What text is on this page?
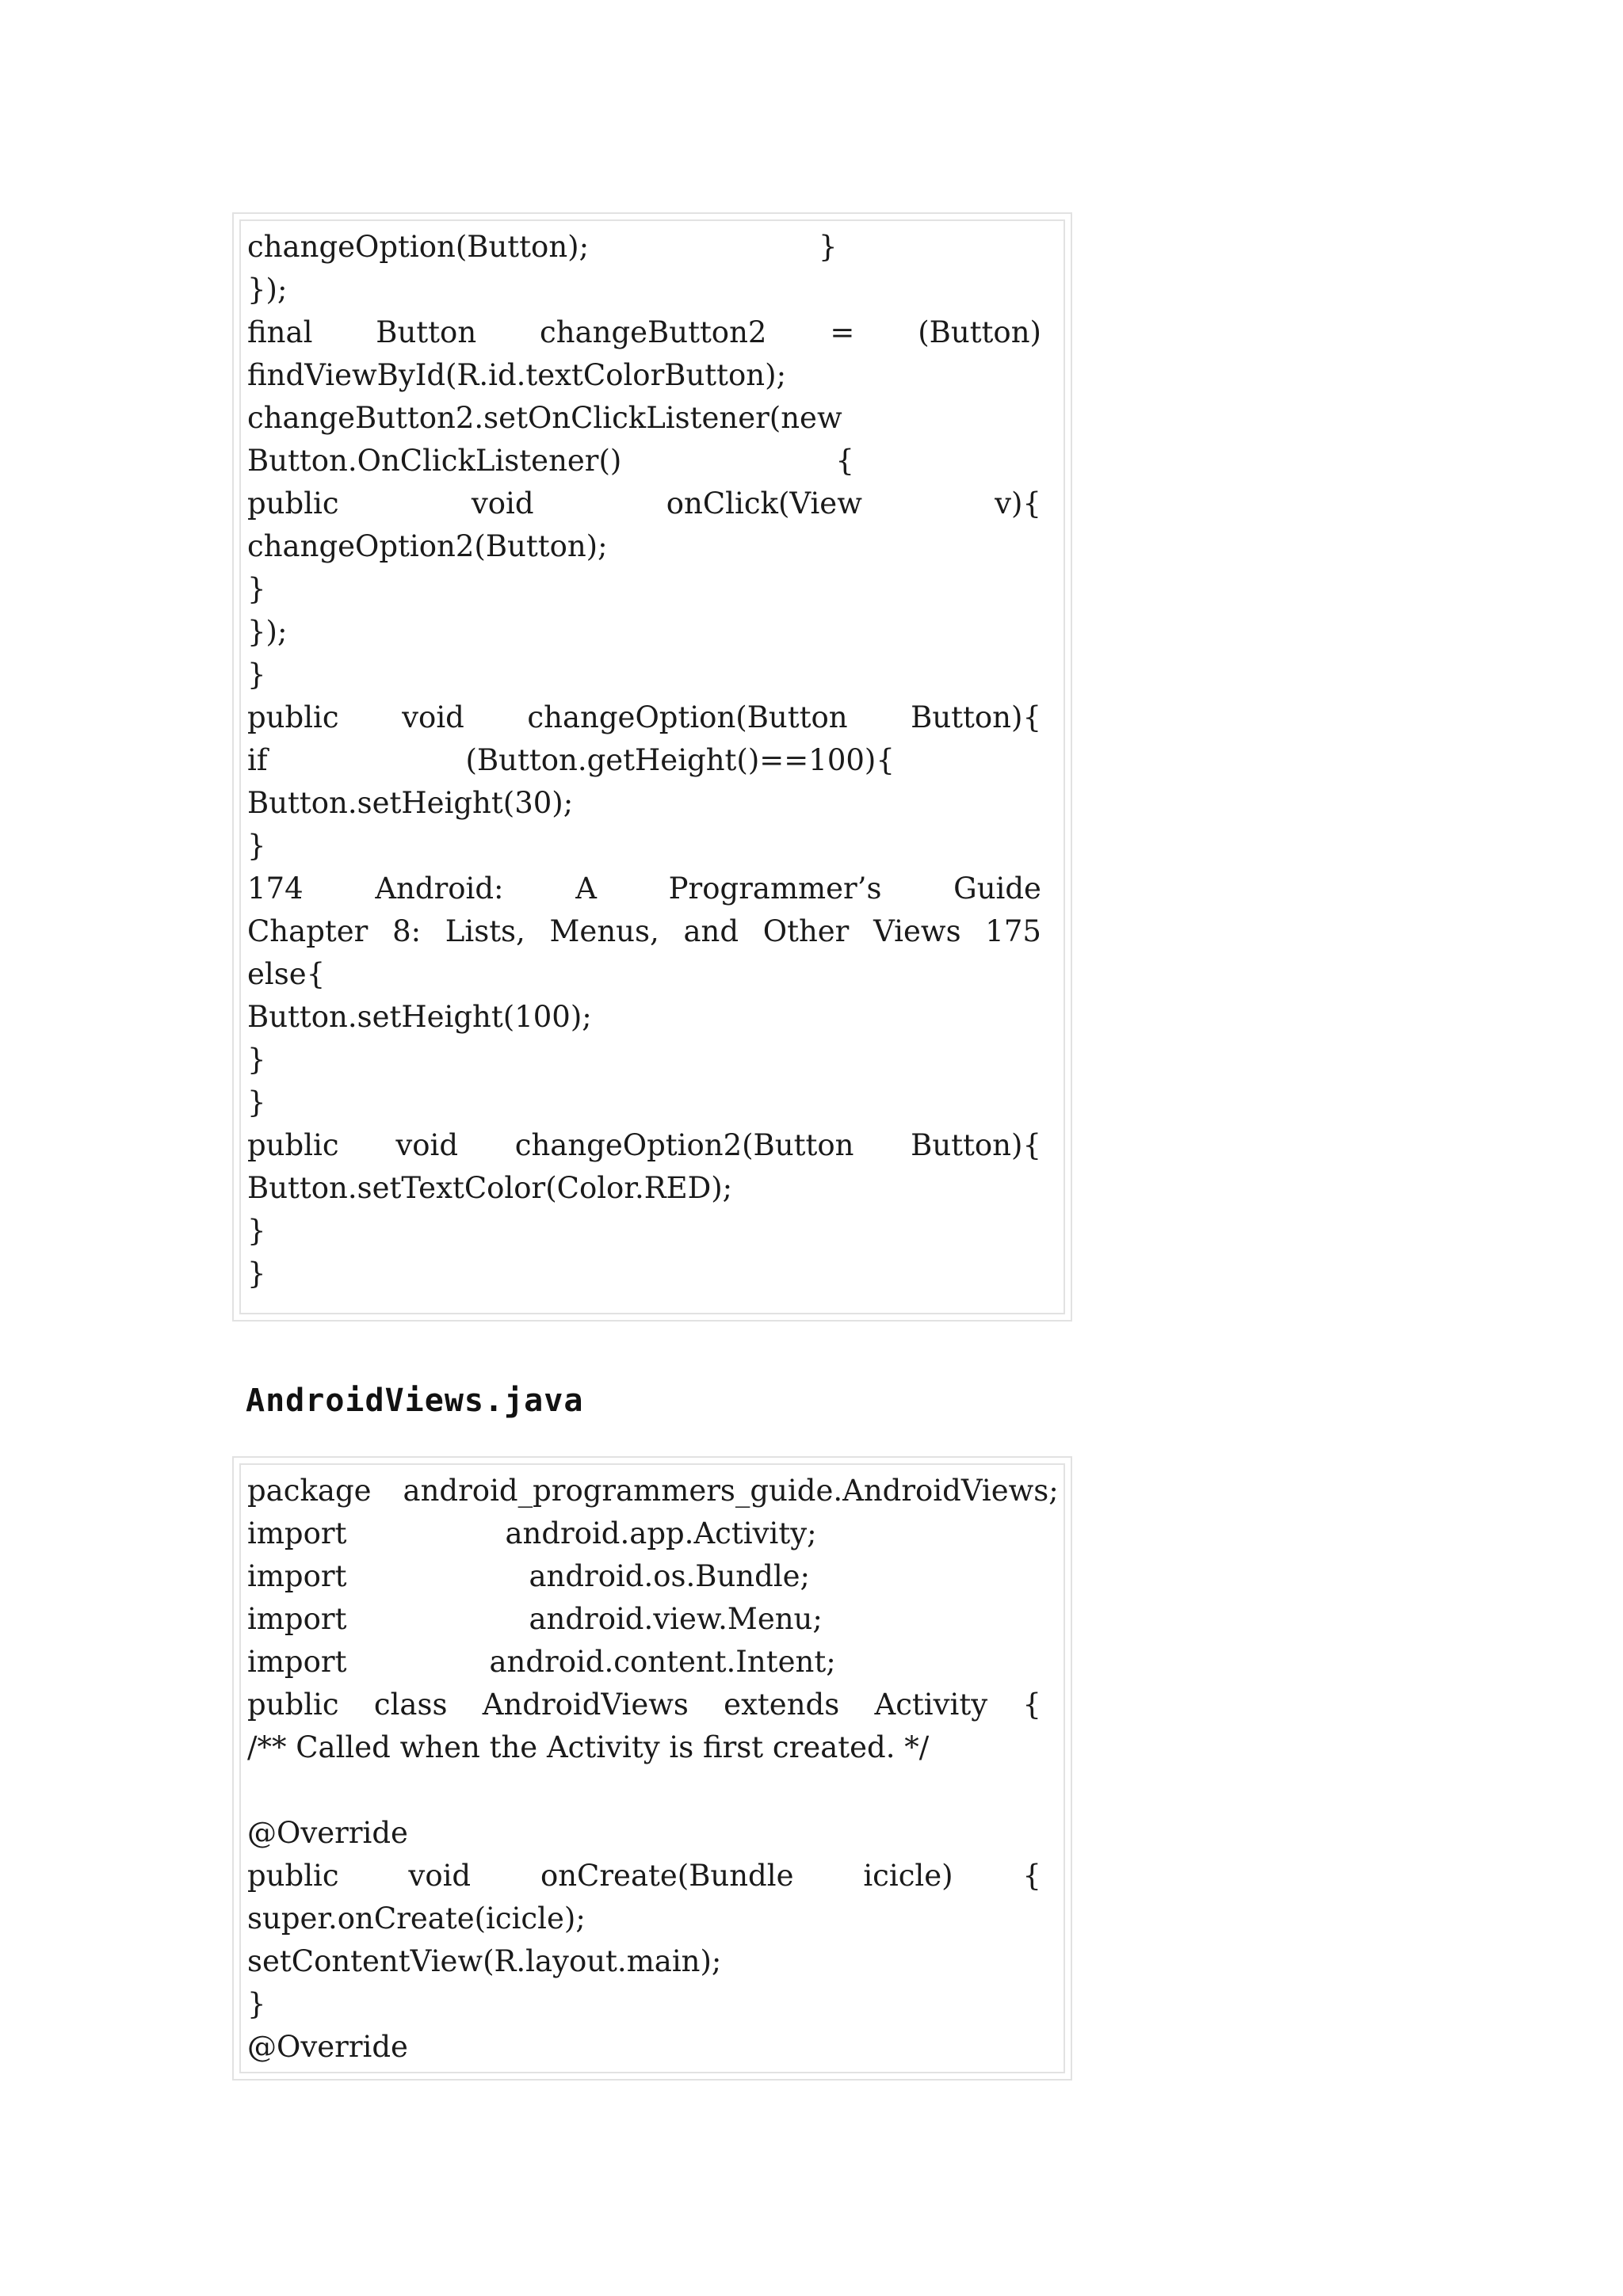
changeOption(Button);	}
});
final Button changeButton2 = (Button)
findViewById(R.id.textColorButton);
changeButton2.setOnClickListener(new
Button.OnClickListener()	{
public	void	onClick(View	v){
changeOption2(Button);
}
});
}
public void changeOption(Button Button){
if	(Button.getHeight()==100){
Button.setHeight(30);
}
174 Android: A Programmer’s Guide
Chapter 8: Lists, Menus, and Other Views 175
else{
Button.setHeight(100);
}
}
public void changeOption2(Button Button){
Button.setTextColor(Color.RED);
}
}
AndroidViews.java
package android_programmers_guide.AndroidViews;
import	android.app.Activity;
import	android.os.Bundle;
import	android.view.Menu;
import	android.content.Intent;
public class AndroidViews extends Activity {
/** Called when the Activity is first created. */
@Override
public void onCreate(Bundle icicle) {
super.onCreate(icicle);
setContentView(R.layout.main);
}
@Override
